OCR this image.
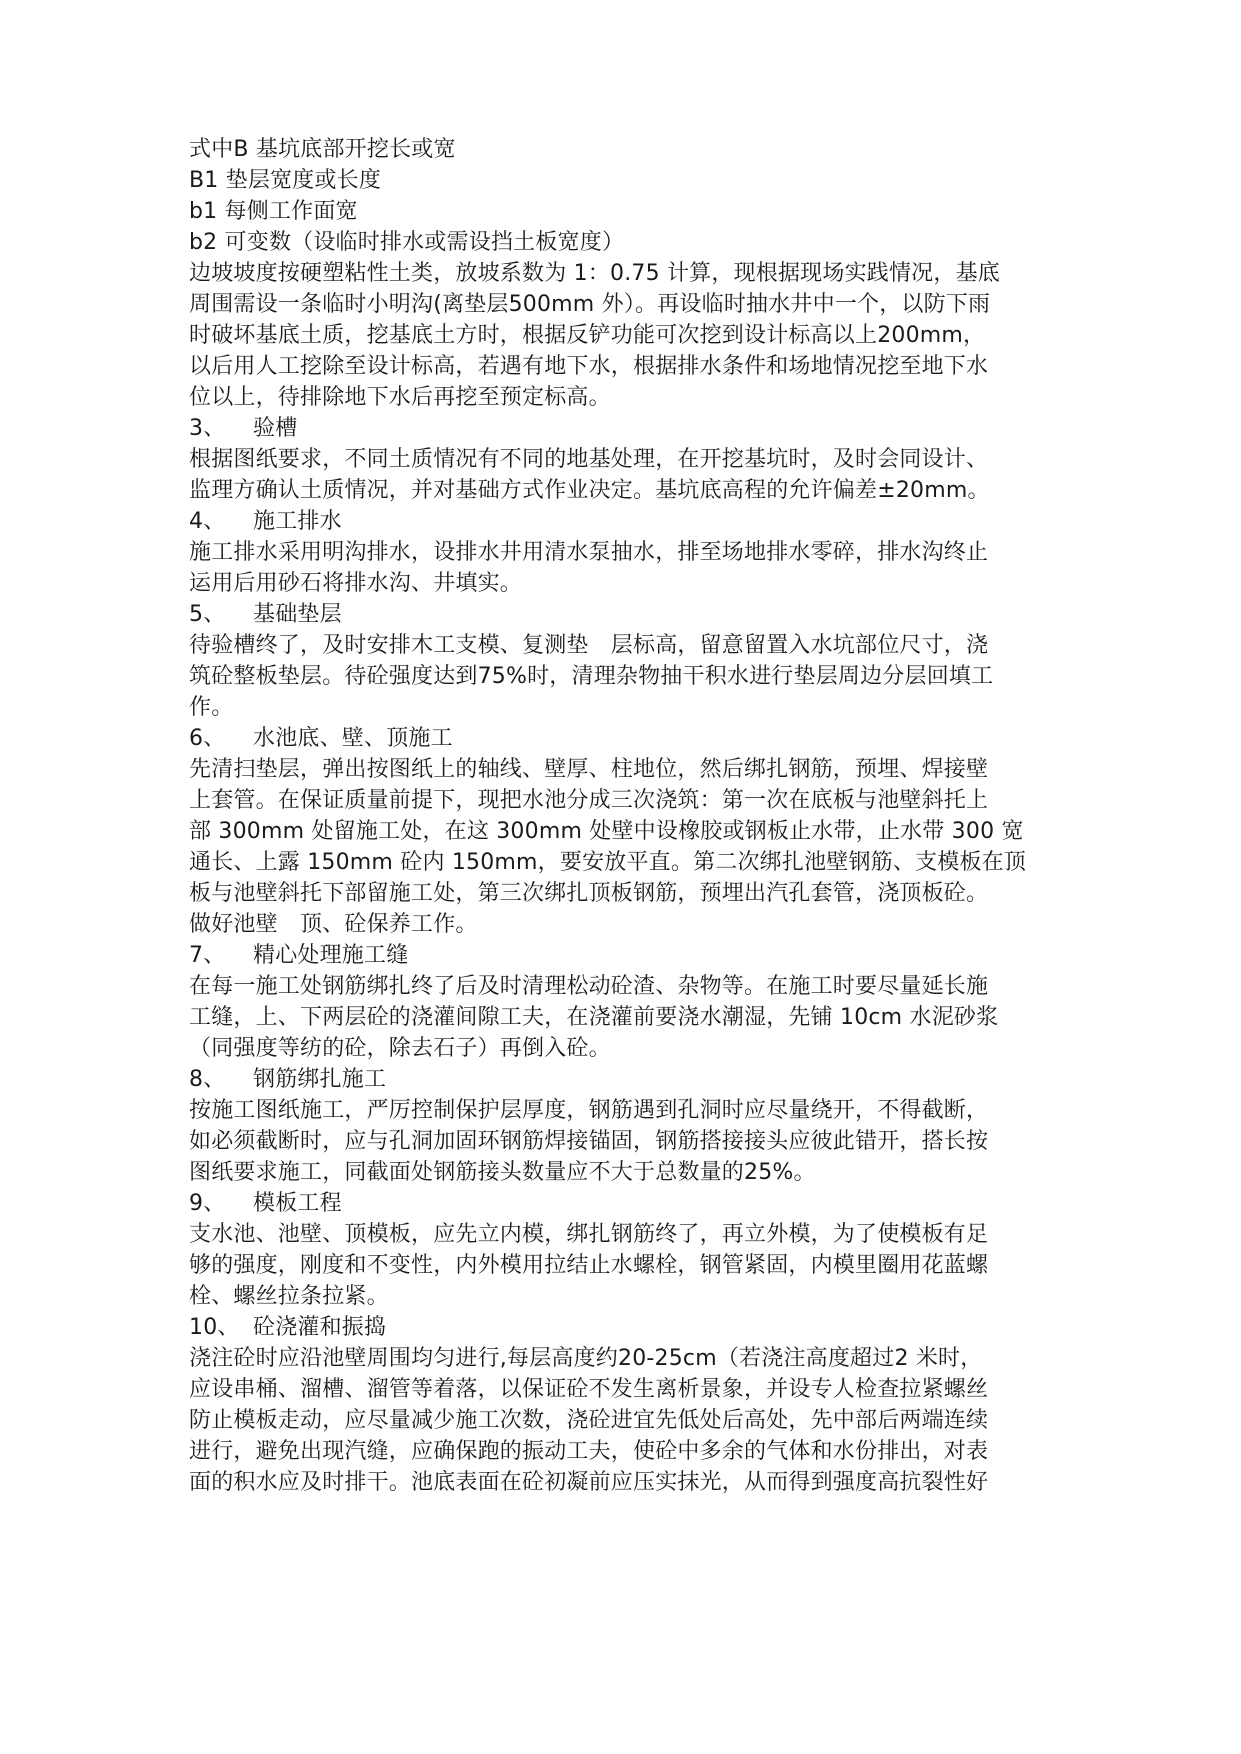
式中B 基坑底部开挖长或宽
B1 垫层宽度或长度
b1 每侧工作面宽
b2 可变数（设临时排水或需设挡土板宽度）
边坡坡度按硬塑粘性土类，放坡系数为 1：0.75 计算，现根据现场实践情况，基底
周围需设一条临时小明沟(离垫层500mm 外）。再设临时抽水井中一个，以防下雨
时破坏基底土质，挖基底土方时，根据反铲功能可次挖到设计标高以上200mm，
以后用人工挖除至设计标高，若遇有地下水，根据排水条件和场地情况挖至地下水
位以上，待排除地下水后再挖至预定标高。
3、 验槽
根据图纸要求，不同土质情况有不同的地基处理，在开挖基坑时，及时会同设计、
监理方确认土质情况，并对基础方式作业决定。基坑底高程的允许偏差±20mm。
4、 施工排水
施工排水采用明沟排水，设排水井用清水泵抽水，排至场地排水零碎，排水沟终止
运用后用砂石将排水沟、井填实。
5、 基础垫层
待验槽终了，及时安排木工支模、复测垫　层标高，留意留置入水坑部位尺寸，浇
筑砼整板垫层。待砼强度达到75%时，清理杂物抽干积水进行垫层周边分层回填工
作。
6、 水池底、壁、顶施工
先清扫垫层，弹出按图纸上的轴线、壁厚、柱地位，然后绑扎钢筋，预埋、焊接壁
上套管。在保证质量前提下，现把水池分成三次浇筑：第一次在底板与池壁斜托上
部 300mm 处留施工处，在这 300mm 处壁中设橡胶或钢板止水带，止水带 300 宽
通长、上露 150mm 砼内 150mm，要安放平直。第二次绑扎池壁钢筋、支模板在顶
板与池壁斜托下部留施工处，第三次绑扎顶板钢筋，预埋出汽孔套管，浇顶板砼。
做好池壁　顶、砼保养工作。
7、 精心处理施工缝
在每一施工处钢筋绑扎终了后及时清理松动砼渣、杂物等。在施工时要尽量延长施
工缝，上、下两层砼的浇灌间隙工夫，在浇灌前要浇水潮湿，先铺 10cm 水泥砂浆
（同强度等纺的砼，除去石子）再倒入砼。
8、 钢筋绑扎施工
按施工图纸施工，严厉控制保护层厚度，钢筋遇到孔洞时应尽量绕开，不得截断，
如必须截断时，应与孔洞加固环钢筋焊接锚固，钢筋搭接接头应彼此错开，搭长按
图纸要求施工，同截面处钢筋接头数量应不大于总数量的25%。
9、 模板工程
支水池、池壁、顶模板，应先立内模，绑扎钢筋终了，再立外模，为了使模板有足
够的强度，刚度和不变性，内外模用拉结止水螺栓，钢管紧固，内模里圈用花蓝螺
栓、螺丝拉条拉紧。
10、 砼浇灌和振捣
浇注砼时应沿池壁周围均匀进行,每层高度约20-25cm（若浇注高度超过2 米时，
应设串桶、溜槽、溜管等着落，以保证砼不发生离析景象，并设专人检查拉紧螺丝
防止模板走动，应尽量减少施工次数，浇砼进宜先低处后高处，先中部后两端连续
进行，避免出现汽缝，应确保跑的振动工夫，使砼中多余的气体和水份排出，对表
面的积水应及时排干。池底表面在砼初凝前应压实抹光，从而得到强度高抗裂性好
